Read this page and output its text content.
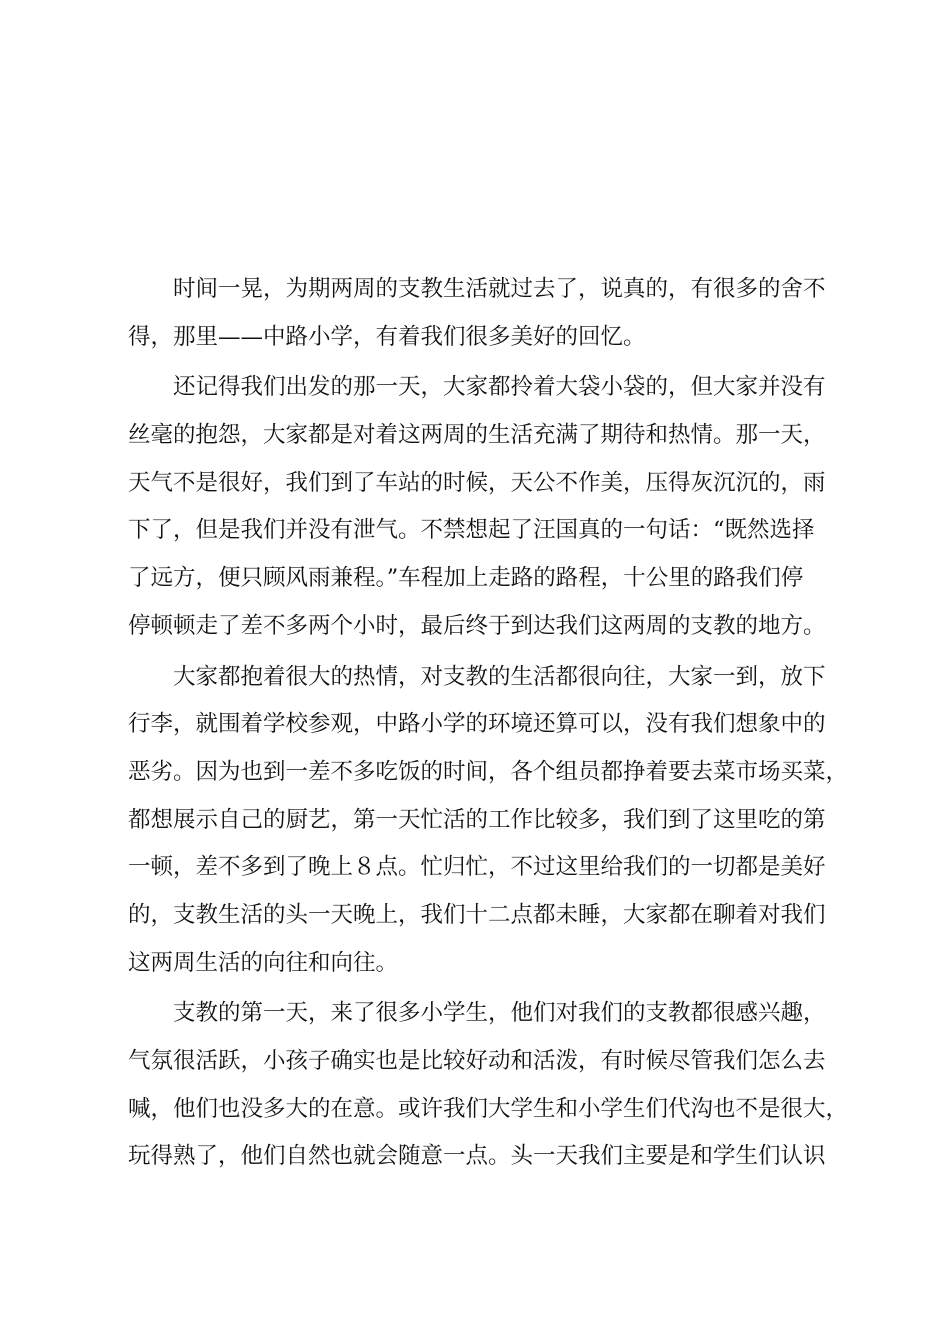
时间一晃，为期两周的支教生活就过去了，说真的，有很多的舍不
得，那里——中路小学，有着我们很多美好的回忆。
还记得我们出发的那一天，大家都拎着大袋小袋的，但大家并没有
丝毫的抱怨，大家都是对着这两周的生活充满了期待和热情。那一天，
天气不是很好，我们到了车站的时候，天公不作美，压得灰沉沉的，雨
下了，但是我们并没有泄气。不禁想起了汪国真的一句话：“既然选择
了远方，便只顾风雨兼程。”车程加上走路的路程，十公里的路我们停
停顿顿走了差不多两个小时，最后终于到达我们这两周的支教的地方。
大家都抱着很大的热情，对支教的生活都很向往，大家一到，放下
行李，就围着学校参观，中路小学的环境还算可以，没有我们想象中的
恶劣。因为也到一差不多吃饭的时间，各个组员都挣着要去菜市场买菜，
都想展示自己的厨艺，第一天忙活的工作比较多，我们到了这里吃的第
一顿，差不多到了晚上８点。忙归忙，不过这里给我们的一切都是美好
的，支教生活的头一天晚上，我们十二点都未睡，大家都在聊着对我们
这两周生活的向往和向往。
支教的第一天，来了很多小学生，他们对我们的支教都很感兴趣，
气氛很活跃，小孩子确实也是比较好动和活泼，有时候尽管我们怎么去
喊，他们也没多大的在意。或许我们大学生和小学生们代沟也不是很大，
玩得熟了，他们自然也就会随意一点。头一天我们主要是和学生们认识
